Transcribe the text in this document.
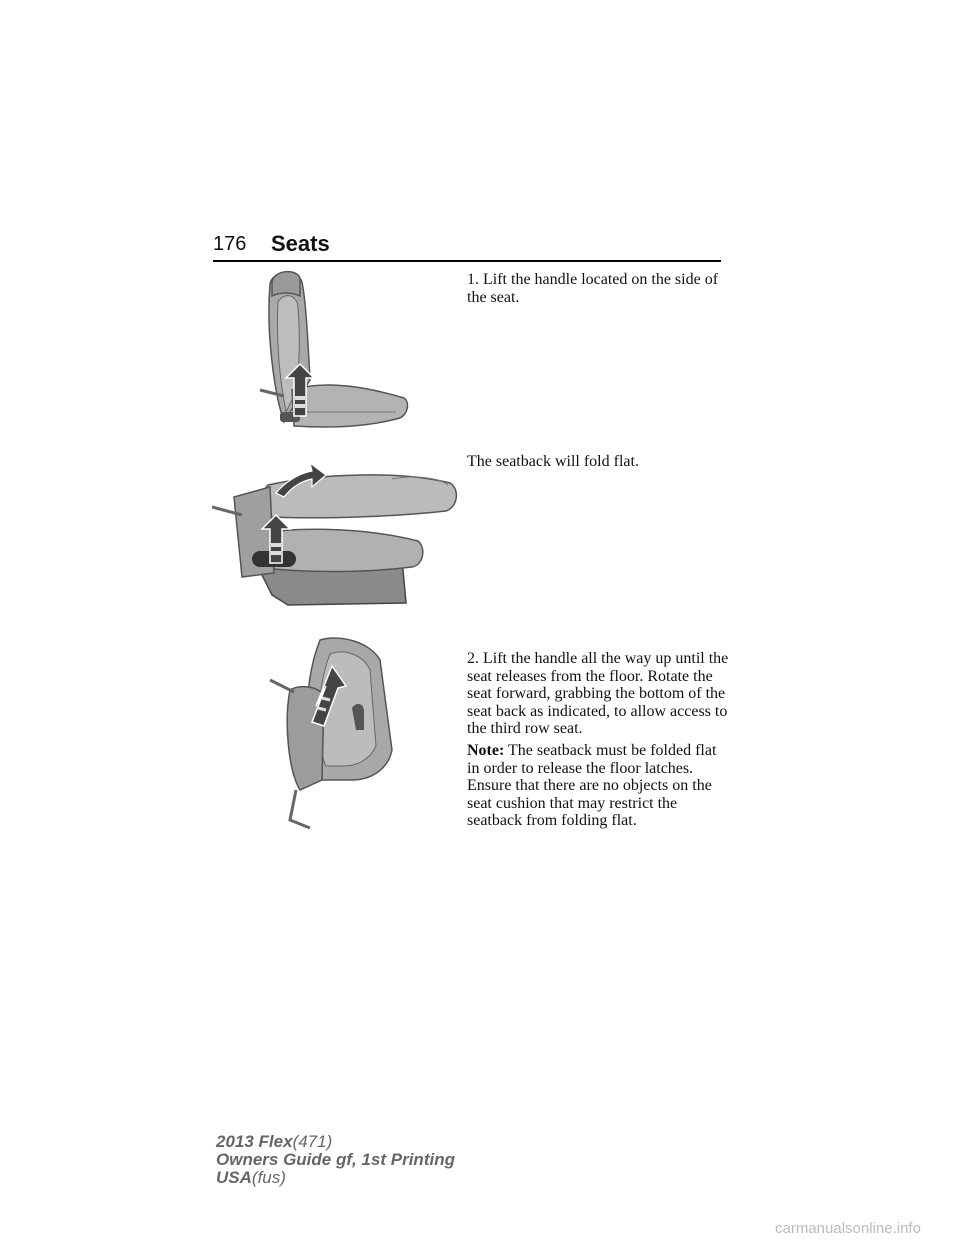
176 Seats

1. Lift the handle located on the side of the seat.

The seatback will fold flat.

2. Lift the handle all the way up until the seat releases from the floor. Rotate the seat forward, grabbing the bottom of the seat back as indicated, to allow access to the third row seat.

Note: The seatback must be folded flat in order to release the floor latches. Ensure that there are no objects on the seat cushion that may restrict the seatback from folding flat.

2013 Flex(471)
Owners Guide gf, 1st Printing
USA(fus)
carmanualsonline.info
